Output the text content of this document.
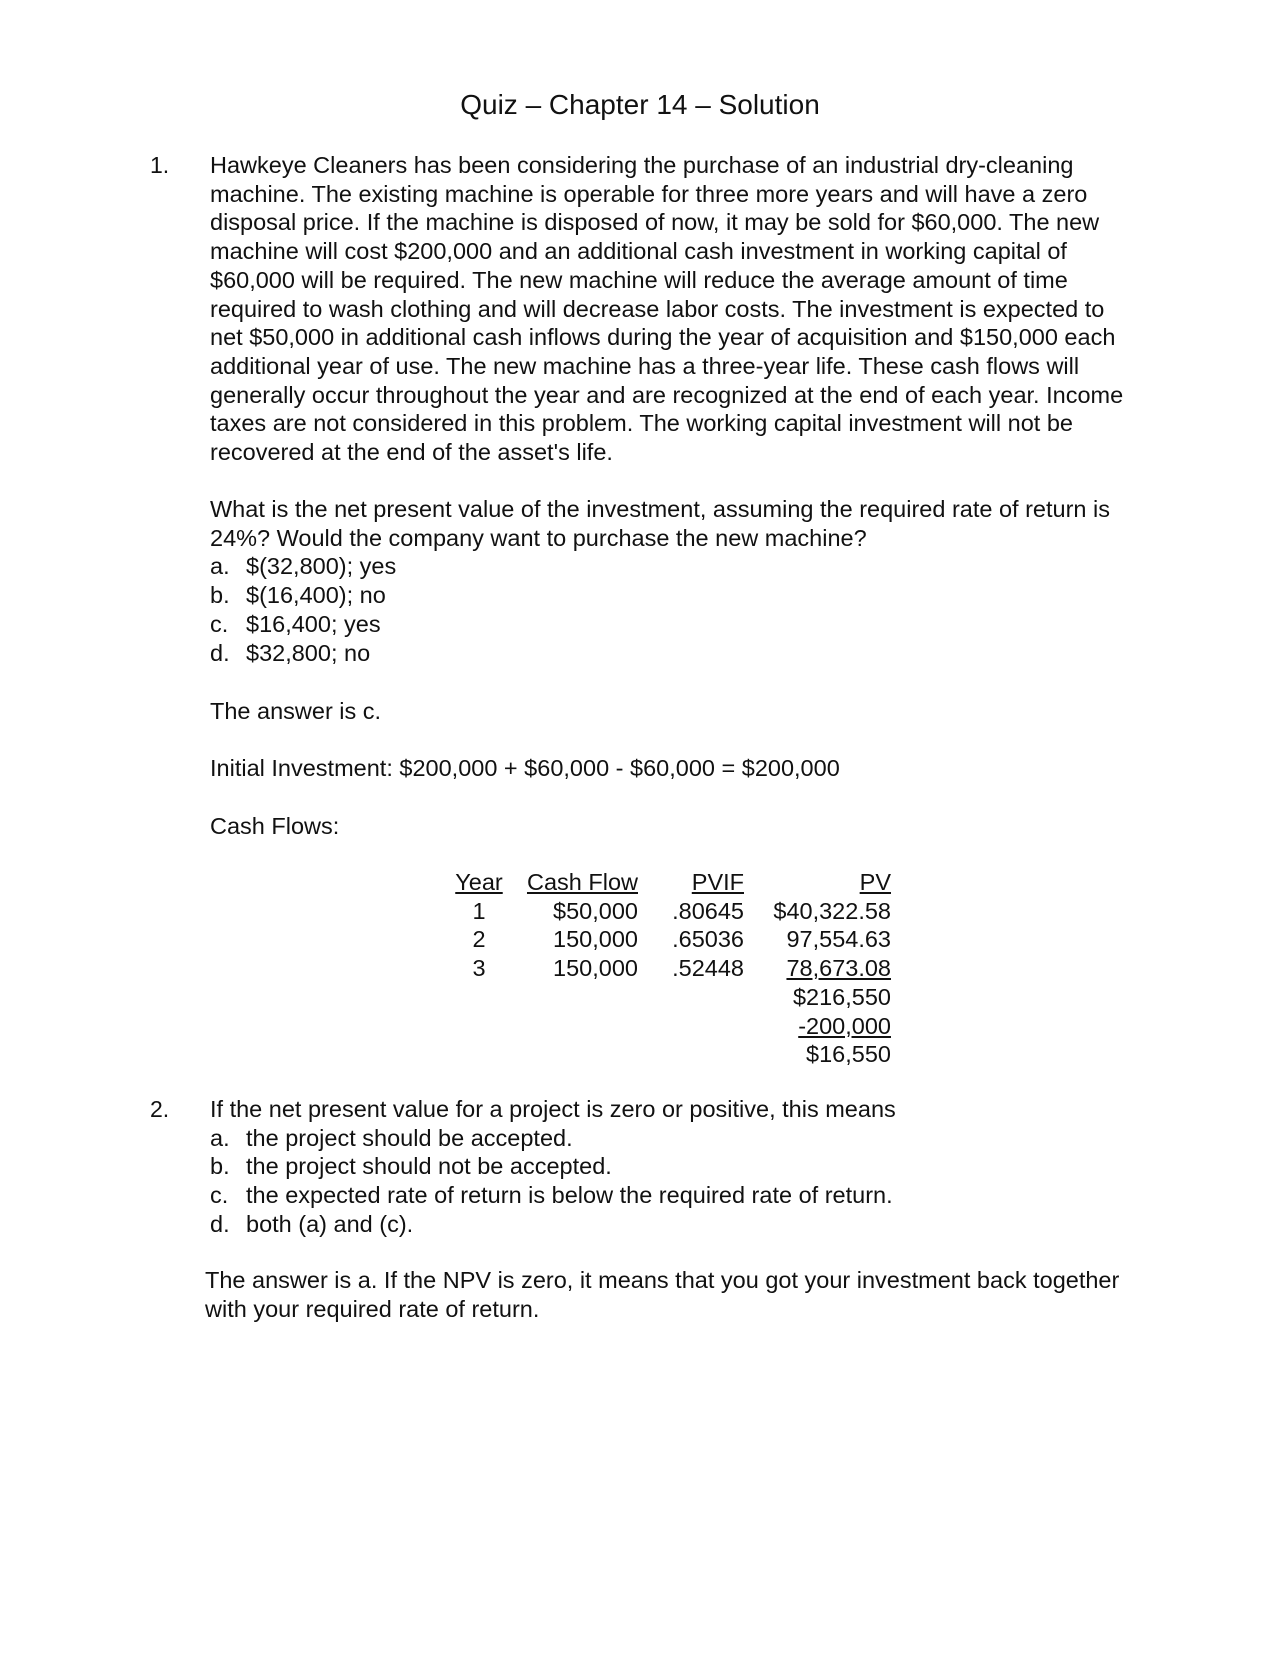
Quiz – Chapter 14 – Solution
1. Hawkeye Cleaners has been considering the purchase of an industrial dry-cleaning
machine. The existing machine is operable for three more years and will have a zero
disposal price. If the machine is disposed of now, it may be sold for $60,000. The new
machine will cost $200,000 and an additional cash investment in working capital of
$60,000 will be required. The new machine will reduce the average amount of time
required to wash clothing and will decrease labor costs. The investment is expected to
net $50,000 in additional cash inflows during the year of acquisition and $150,000 each
additional year of use. The new machine has a three-year life. These cash flows will
generally occur throughout the year and are recognized at the end of each year. Income
taxes are not considered in this problem. The working capital investment will not be
recovered at the end of the asset's life.
What is the net present value of the investment, assuming the required rate of return is
24%? Would the company want to purchase the new machine?
a. $(32,800); yes
b. $(16,400); no
c. $16,400; yes
d. $32,800; no
The answer is c.
Initial Investment: $200,000 + $60,000 - $60,000 = $200,000
Cash Flows:
Year	Cash Flow	PVIF	PV
1	$50,000	.80645	$40,322.58
2	150,000	.65036	97,554.63
3	150,000	.52448	78,673.08
			$216,550
			-200,000
			$16,550
2. If the net present value for a project is zero or positive, this means
a. the project should be accepted.
b. the project should not be accepted.
c. the expected rate of return is below the required rate of return.
d. both (a) and (c).
The answer is a. If the NPV is zero, it means that you got your investment back together
with your required rate of return.
